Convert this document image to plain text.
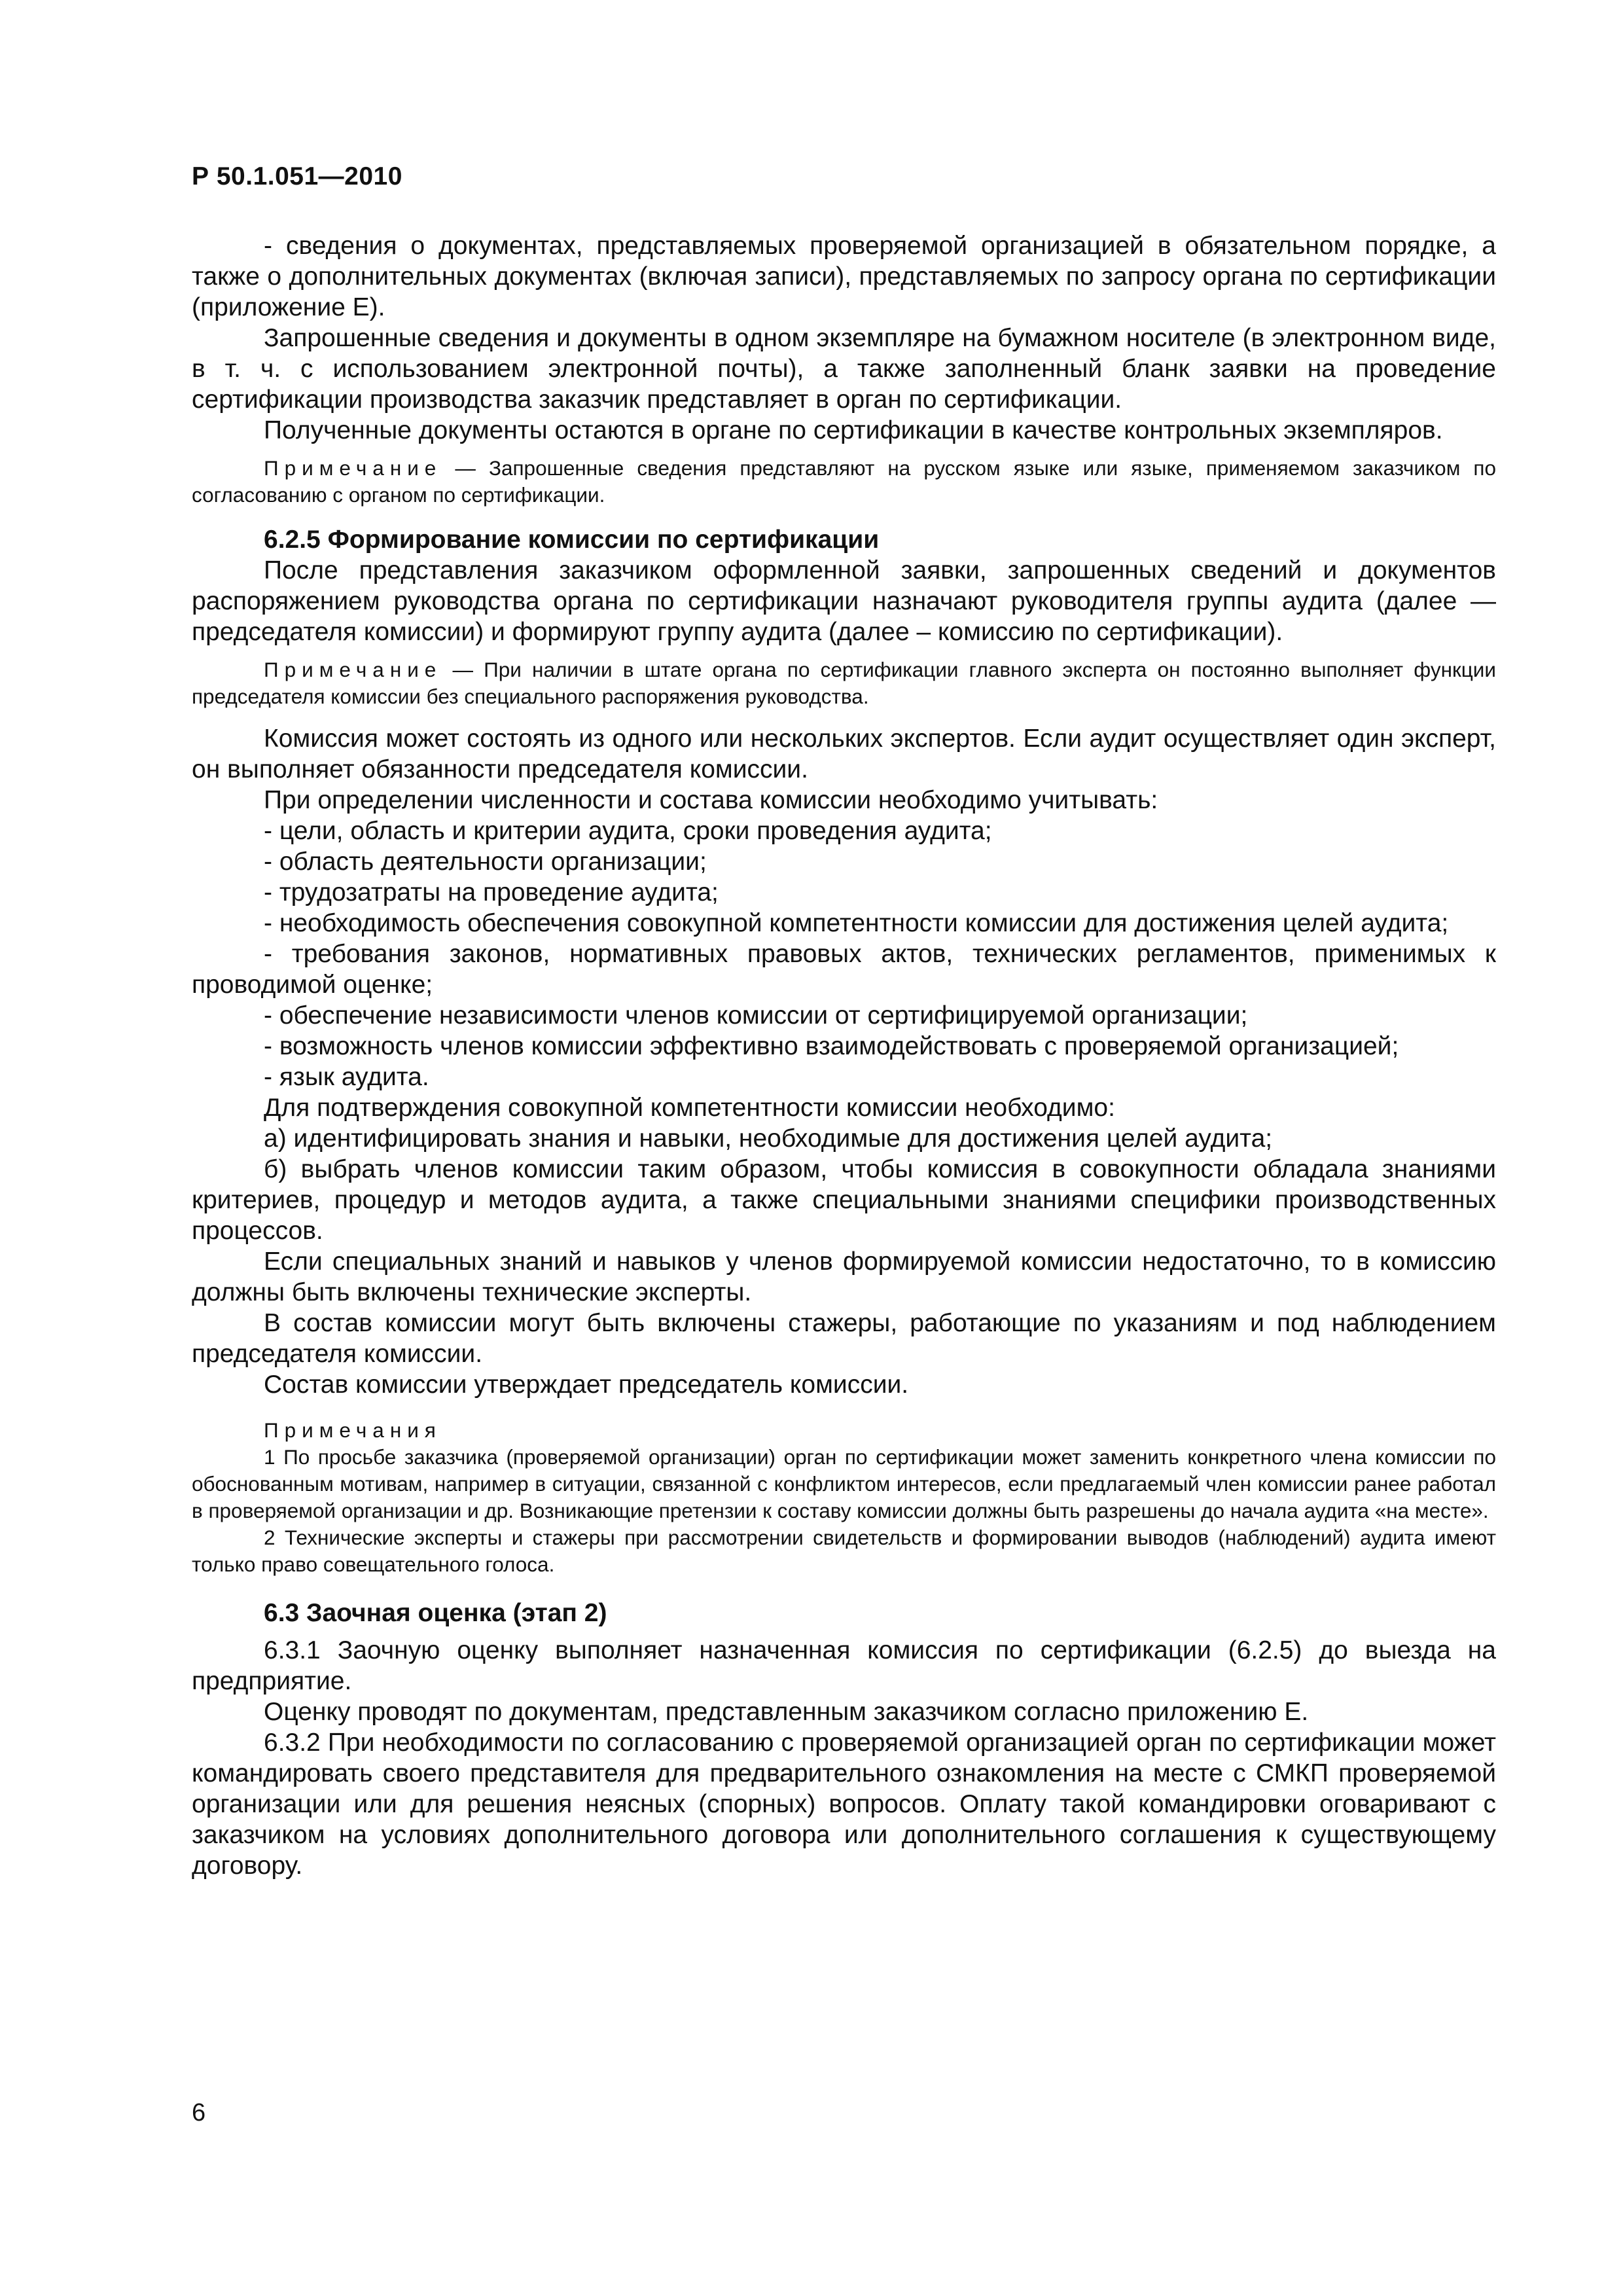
Р 50.1.051—2010

- сведения о документах, представляемых проверяемой организацией в обязательном порядке, а также о дополнительных документах (включая записи), представляемых по запросу органа по сертификации (приложение Е).

Запрошенные сведения и документы в одном экземпляре на бумажном носителе (в электронном виде, в т. ч. с использованием электронной почты), а также заполненный бланк заявки на проведение сертификации производства заказчик представляет в орган по сертификации.

Полученные документы остаются в органе по сертификации в качестве контрольных экземпляров.

Примечание — Запрошенные сведения представляют на русском языке или языке, применяемом заказчиком по согласованию с органом по сертификации.

6.2.5 Формирование комиссии по сертификации

После представления заказчиком оформленной заявки, запрошенных сведений и документов распоряжением руководства органа по сертификации назначают руководителя группы аудита (далее — председателя комиссии) и формируют группу аудита (далее – комиссию по сертификации).

Примечание — При наличии в штате органа по сертификации главного эксперта он постоянно выполняет функции председателя комиссии без специального распоряжения руководства.

Комиссия может состоять из одного или нескольких экспертов. Если аудит осуществляет один эксперт, он выполняет обязанности председателя комиссии.

При определении численности и состава комиссии необходимо учитывать:

- цели, область и критерии аудита, сроки проведения аудита;

- область деятельности организации;

- трудозатраты на проведение аудита;

- необходимость обеспечения совокупной компетентности комиссии для достижения целей аудита;

- требования законов, нормативных правовых актов, технических регламентов, применимых к проводимой оценке;

- обеспечение независимости членов комиссии от сертифицируемой организации;

- возможность членов комиссии эффективно взаимодействовать с проверяемой организацией;

- язык аудита.

Для подтверждения совокупной компетентности комиссии необходимо:

а) идентифицировать знания и навыки, необходимые для достижения целей аудита;

б) выбрать членов комиссии таким образом, чтобы комиссия в совокупности обладала знаниями критериев, процедур и методов аудита, а также специальными знаниями специфики производственных процессов.

Если специальных знаний и навыков у членов формируемой комиссии недостаточно, то в комиссию должны быть включены технические эксперты.

В состав комиссии могут быть включены стажеры, работающие по указаниям и под наблюдением председателя комиссии.

Состав комиссии утверждает председатель комиссии.

Примечания

1 По просьбе заказчика (проверяемой организации) орган по сертификации может заменить конкретного члена комиссии по обоснованным мотивам, например в ситуации, связанной с конфликтом интересов, если предлагаемый член комиссии ранее работал в проверяемой организации и др. Возникающие претензии к составу комиссии должны быть разрешены до начала аудита «на месте».

2 Технические эксперты и стажеры при рассмотрении свидетельств и формировании выводов (наблюдений) аудита имеют только право совещательного голоса.

6.3 Заочная оценка (этап 2)

6.3.1 Заочную оценку выполняет назначенная комиссия по сертификации (6.2.5) до выезда на предприятие.

Оценку проводят по документам, представленным заказчиком согласно приложению Е.

6.3.2 При необходимости по согласованию с проверяемой организацией орган по сертификации может командировать своего представителя для предварительного ознакомления на месте с СМКП проверяемой организации или для решения неясных (спорных) вопросов. Оплату такой командировки оговаривают с заказчиком на условиях дополнительного договора или дополнительного соглашения к существующему договору.

6
